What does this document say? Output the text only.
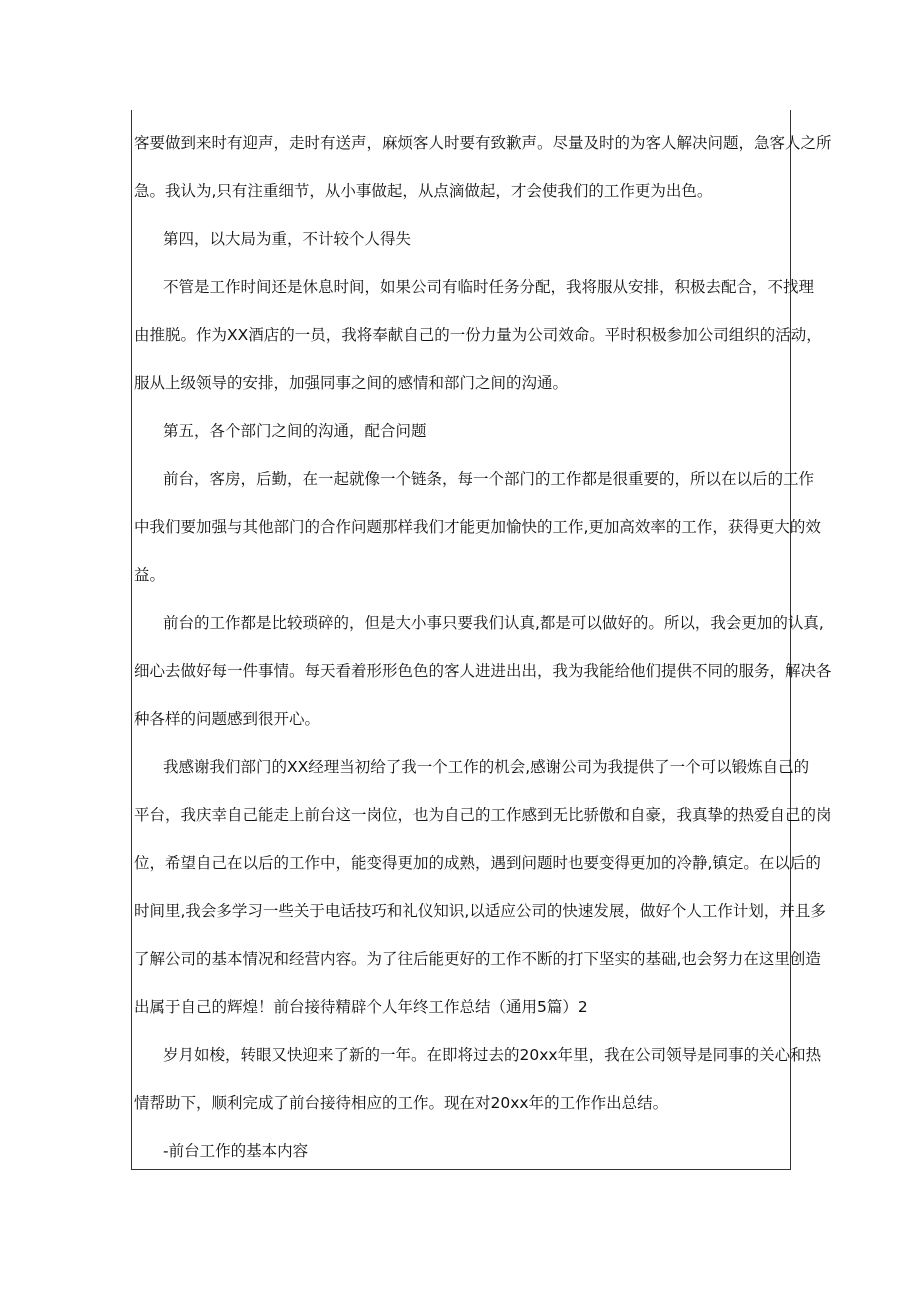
客要做到来时有迎声，走时有送声，麻烦客人时要有致歉声。尽量及时的为客人解决问题，急客人之所
急。我认为,只有注重细节，从小事做起，从点滴做起，才会使我们的工作更为出色。
第四，以大局为重，不计较个人得失
不管是工作时间还是休息时间，如果公司有临时任务分配，我将服从安排，积极去配合，不找理
由推脱。作为XX酒店的一员，我将奉献自己的一份力量为公司效命。平时积极参加公司组织的活动，
服从上级领导的安排，加强同事之间的感情和部门之间的沟通。
第五，各个部门之间的沟通，配合问题
前台，客房，后勤，在一起就像一个链条，每一个部门的工作都是很重要的，所以在以后的工作
中我们要加强与其他部门的合作问题那样我们才能更加愉快的工作,更加高效率的工作，获得更大的效
益。
前台的工作都是比较琐碎的，但是大小事只要我们认真,都是可以做好的。所以，我会更加的认真,
细心去做好每一件事情。每天看着形形色色的客人进进出出，我为我能给他们提供不同的服务，解决各
种各样的问题感到很开心。
我感谢我们部门的XX经理当初给了我一个工作的机会,感谢公司为我提供了一个可以锻炼自己的
平台，我庆幸自己能走上前台这一岗位，也为自己的工作感到无比骄傲和自豪，我真挚的热爱自己的岗
位，希望自己在以后的工作中，能变得更加的成熟，遇到问题时也要变得更加的冷静,镇定。在以后的
时间里,我会多学习一些关于电话技巧和礼仪知识,以适应公司的快速发展，做好个人工作计划，并且多
了解公司的基本情况和经营内容。为了往后能更好的工作不断的打下坚实的基础,也会努力在这里创造
出属于自己的辉煌！前台接待精辟个人年终工作总结（通用5篇）2
岁月如梭，转眼又快迎来了新的一年。在即将过去的20xx年里，我在公司领导是同事的关心和热
情帮助下，顺利完成了前台接待相应的工作。现在对20xx年的工作作出总结。
-前台工作的基本内容
